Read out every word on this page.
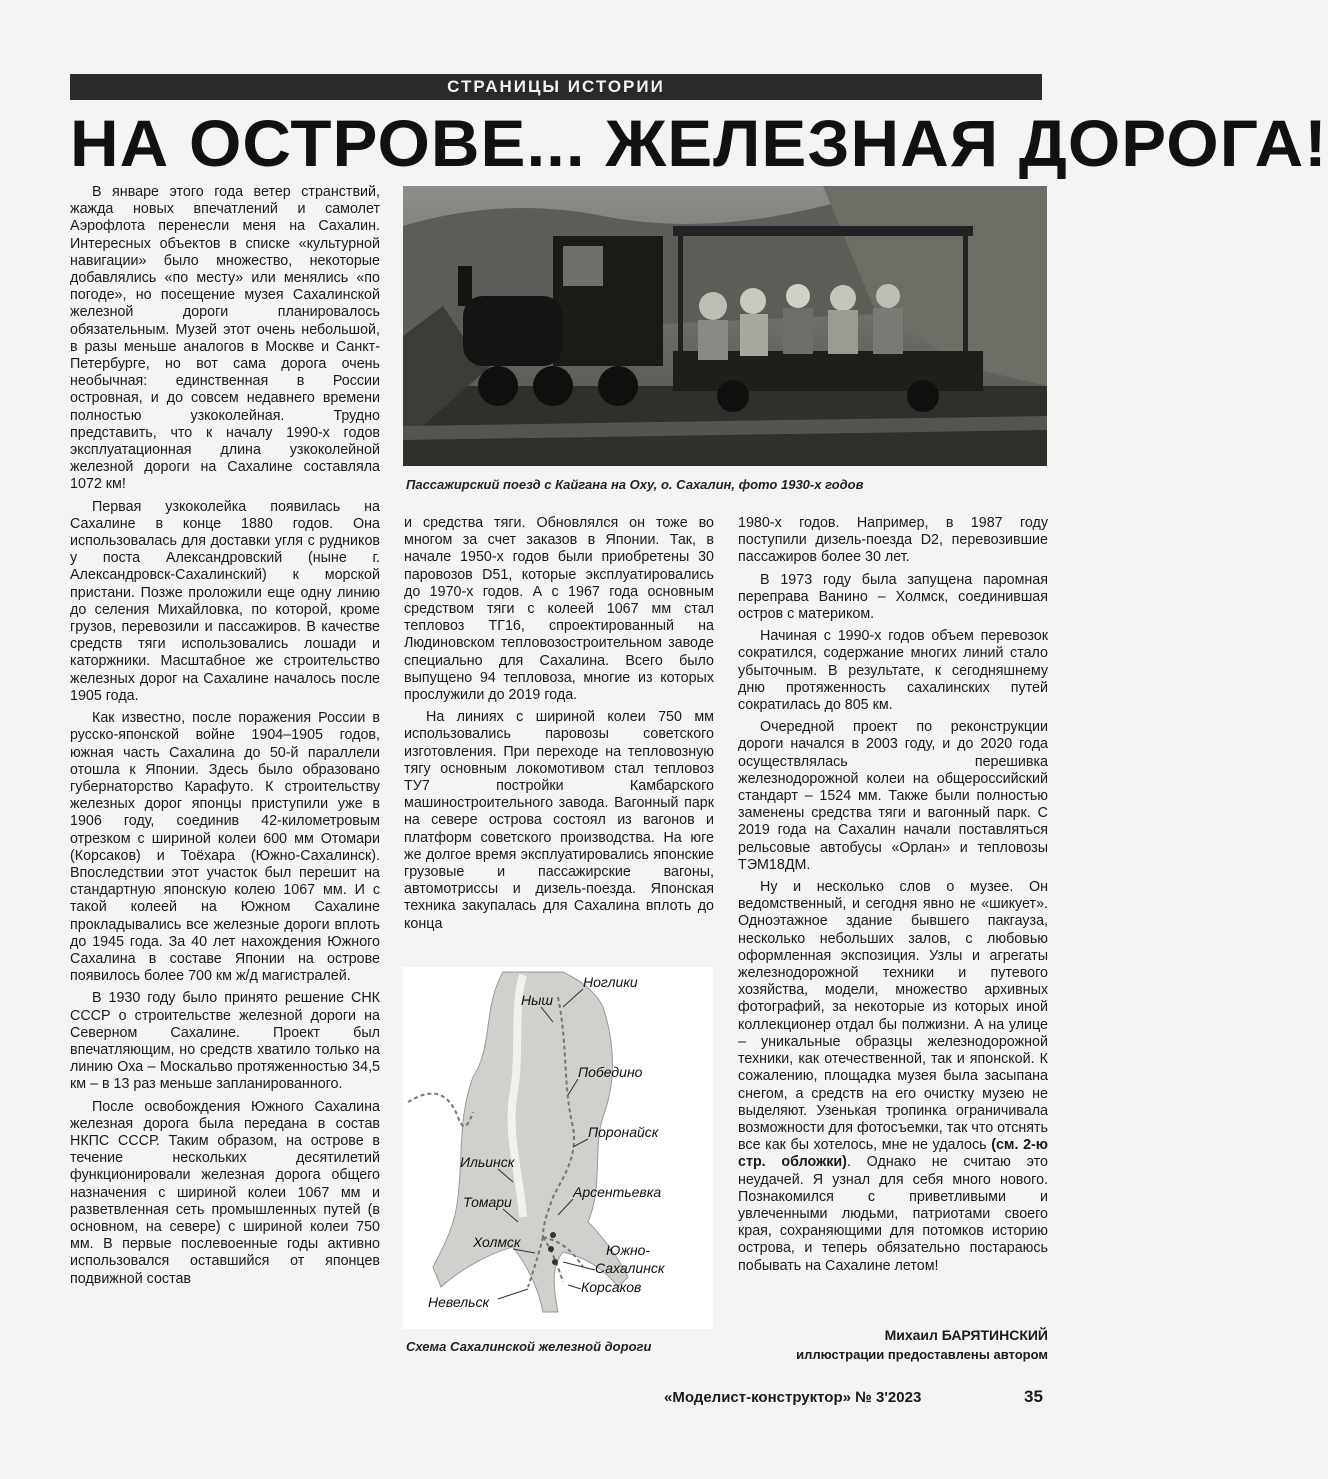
СТРАНИЦЫ ИСТОРИИ
НА ОСТРОВЕ... ЖЕЛЕЗНАЯ ДОРОГА!

В январе этого года ветер странствий, жажда новых впечатлений и самолет Аэрофлота перенесли меня на Сахалин. Интересных объектов в списке «культурной навигации» было множество, некоторые добавлялись «по месту» или менялись «по погоде», но посещение музея Сахалинской железной дороги планировалось обязательным. Музей этот очень небольшой, в разы меньше аналогов в Москве и Санкт-Петербурге, но вот сама дорога очень необычная: единственная в России островная, и до совсем недавнего времени полностью узкоколейная. Трудно представить, что к началу 1990-х годов эксплуатационная длина узкоколейной железной дороги на Сахалине составляла 1072 км!

Первая узкоколейка появилась на Сахалине в конце 1880 годов. Она использовалась для доставки угля с рудников у поста Александровский (ныне г. Александровск-Сахалинский) к морской пристани. Позже проложили еще одну линию до селения Михайловка, по которой, кроме грузов, перевозили и пассажиров. В качестве средств тяги использовались лошади и каторжники. Масштабное же строительство железных дорог на Сахалине началось после 1905 года.

Как известно, после поражения России в русско-японской войне 1904–1905 годов, южная часть Сахалина до 50-й параллели отошла к Японии. Здесь было образовано губернаторство Карафуто. К строительству железных дорог японцы приступили уже в 1906 году, соединив 42-километровым отрезком с шириной колеи 600 мм Отомари (Корсаков) и Тоёхара (Южно-Сахалинск). Впоследствии этот участок был перешит на стандартную японскую колею 1067 мм. И с такой колеей на Южном Сахалине прокладывались все железные дороги вплоть до 1945 года. За 40 лет нахождения Южного Сахалина в составе Японии на острове появилось более 700 км ж/д магистралей.

В 1930 году было принято решение СНК СССР о строительстве железной дороги на Северном Сахалине. Проект был впечатляющим, но средств хватило только на линию Оха – Москальво протяженностью 34,5 км – в 13 раз меньше запланированного.

После освобождения Южного Сахалина железная дорога была передана в состав НКПС СССР. Таким образом, на острове в течение нескольких десятилетий функционировали железная дорога общего назначения с шириной колеи 1067 мм и разветвленная сеть промышленных путей (в основном, на севере) с шириной колеи 750 мм. В первые послевоенные годы активно использовался оставшийся от японцев подвижной состав

Пассажирский поезд с Кайгана на Оху, о. Сахалин, фото 1930-х годов

и средства тяги. Обновлялся он тоже во многом за счет заказов в Японии. Так, в начале 1950-х годов были приобретены 30 паровозов D51, которые эксплуатировались до 1970-х годов. А с 1967 года основным средством тяги с колеей 1067 мм стал тепловоз ТГ16, спроектированный на Людиновском тепловозостроительном заводе специально для Сахалина. Всего было выпущено 94 тепловоза, многие из которых прослужили до 2019 года.

На линиях с шириной колеи 750 мм использовались паровозы советского изготовления. При переходе на тепловозную тягу основным локомотивом стал тепловоз ТУ7 постройки Камбарского машиностроительного завода. Вагонный парк на севере острова состоял из вагонов и платформ советского производства. На юге же долгое время эксплуатировались японские грузовые и пассажирские вагоны, автомотриссы и дизель-поезда. Японская техника закупалась для Сахалина вплоть до конца

Ноглики
Ныш
Победино
Поронайск
Ильинск
Арсентьевка
Томари
Холмск	Южно-
Сахалинск
Корсаков
Невельск
Схема Сахалинской железной дороги

1980-х годов. Например, в 1987 году поступили дизель-поезда D2, перевозившие пассажиров более 30 лет.

В 1973 году была запущена паромная переправа Ванино – Холмск, соединившая остров с материком.

Начиная с 1990-х годов объем перевозок сократился, содержание многих линий стало убыточным. В результате, к сегодняшнему дню протяженность сахалинских путей сократилась до 805 км.

Очередной проект по реконструкции дороги начался в 2003 году, и до 2020 года осуществлялась перешивка железнодорожной колеи на общероссийский стандарт – 1524 мм. Также были полностью заменены средства тяги и вагонный парк. С 2019 года на Сахалин начали поставляться рельсовые автобусы «Орлан» и тепловозы ТЭМ18ДМ.

Ну и несколько слов о музее. Он ведомственный, и сегодня явно не «шикует». Одноэтажное здание бывшего пакгауза, несколько небольших залов, с любовью оформленная экспозиция. Узлы и агрегаты железнодорожной техники и путевого хозяйства, модели, множество архивных фотографий, за некоторые из которых иной коллекционер отдал бы полжизни. А на улице – уникальные образцы железнодорожной техники, как отечественной, так и японской. К сожалению, площадка музея была засыпана снегом, а средств на его очистку музею не выделяют. Узенькая тропинка ограничивала возможности для фотосъемки, так что отснять все как бы хотелось, мне не удалось (см. 2-ю стр. обложки). Однако не считаю это неудачей. Я узнал для себя много нового. Познакомился с приветливыми и увлеченными людьми, патриотами своего края, сохраняющими для потомков историю острова, и теперь обязательно постараюсь побывать на Сахалине летом!

Михаил БАРЯТИНСКИЙ
иллюстрации предоставлены автором
«Моделист-конструктор» № 3'2023	35
